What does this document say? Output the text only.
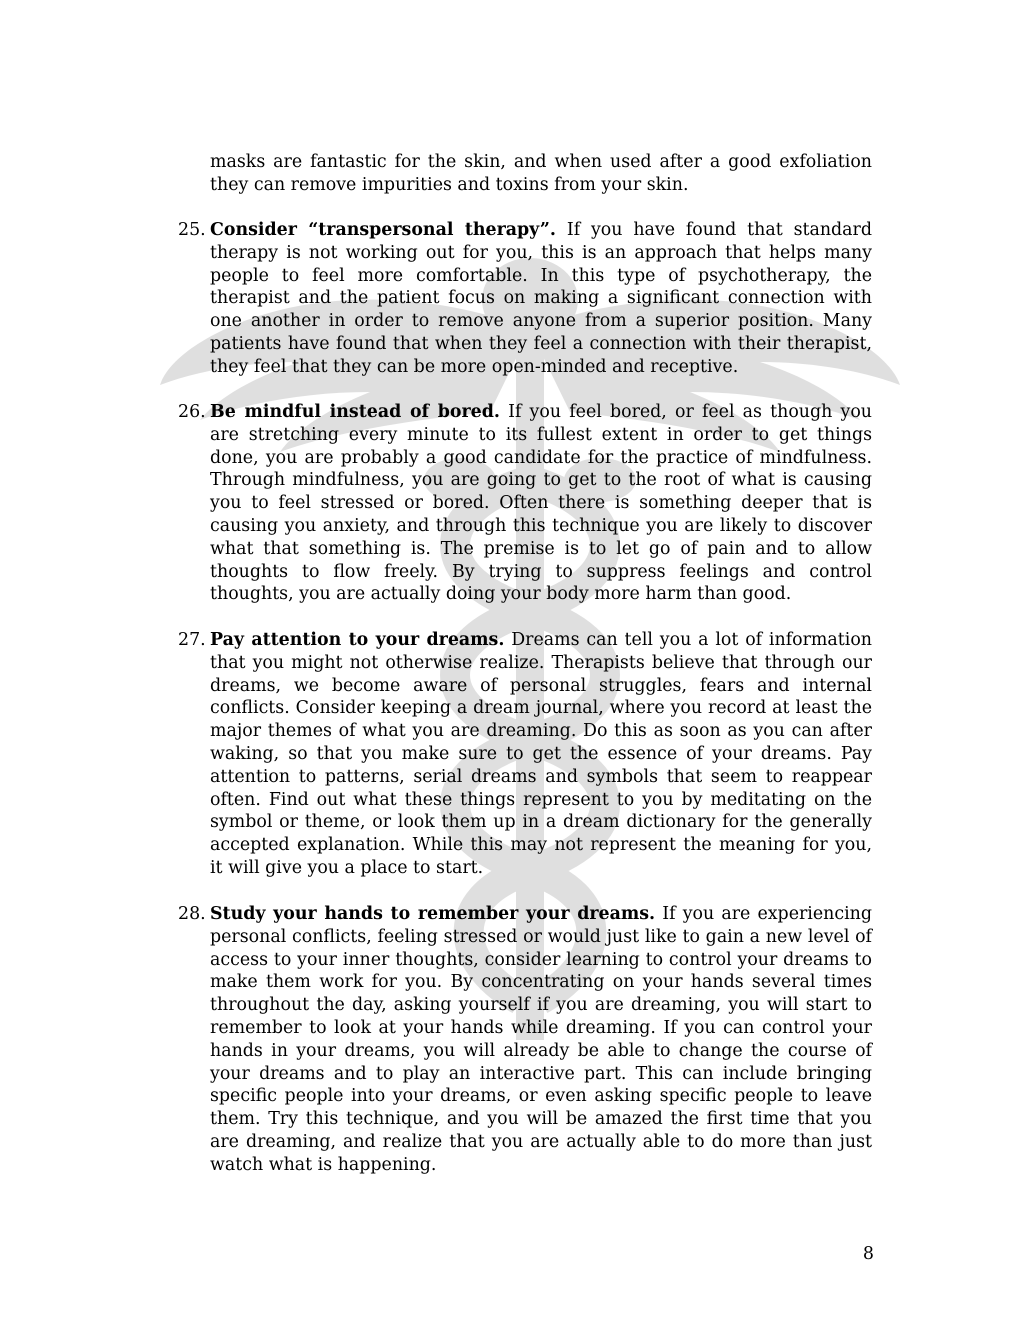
masks are fantastic for the skin, and when used after a good exfoliation they can remove impurities and toxins from your skin.

25. Consider “transpersonal therapy”. If you have found that standard therapy is not working out for you, this is an approach that helps many people to feel more comfortable. In this type of psychotherapy, the therapist and the patient focus on making a significant connection with one another in order to remove anyone from a superior position. Many patients have found that when they feel a connection with their therapist, they feel that they can be more open-minded and receptive.
26. Be mindful instead of bored. If you feel bored, or feel as though you are stretching every minute to its fullest extent in order to get things done, you are probably a good candidate for the practice of mindfulness. Through mindfulness, you are going to get to the root of what is causing you to feel stressed or bored. Often there is something deeper that is causing you anxiety, and through this technique you are likely to discover what that something is. The premise is to let go of pain and to allow thoughts to flow freely. By trying to suppress feelings and control thoughts, you are actually doing your body more harm than good.
27. Pay attention to your dreams. Dreams can tell you a lot of information that you might not otherwise realize. Therapists believe that through our dreams, we become aware of personal struggles, fears and internal conflicts. Consider keeping a dream journal, where you record at least the major themes of what you are dreaming. Do this as soon as you can after waking, so that you make sure to get the essence of your dreams. Pay attention to patterns, serial dreams and symbols that seem to reappear often. Find out what these things represent to you by meditating on the symbol or theme, or look them up in a dream dictionary for the generally accepted explanation. While this may not represent the meaning for you, it will give you a place to start.
28. Study your hands to remember your dreams. If you are experiencing personal conflicts, feeling stressed or would just like to gain a new level of access to your inner thoughts, consider learning to control your dreams to make them work for you. By concentrating on your hands several times throughout the day, asking yourself if you are dreaming, you will start to remember to look at your hands while dreaming. If you can control your hands in your dreams, you will already be able to change the course of your dreams and to play an interactive part. This can include bringing specific people into your dreams, or even asking specific people to leave them. Try this technique, and you will be amazed the first time that you are dreaming, and realize that you are actually able to do more than just watch what is happening.
8
